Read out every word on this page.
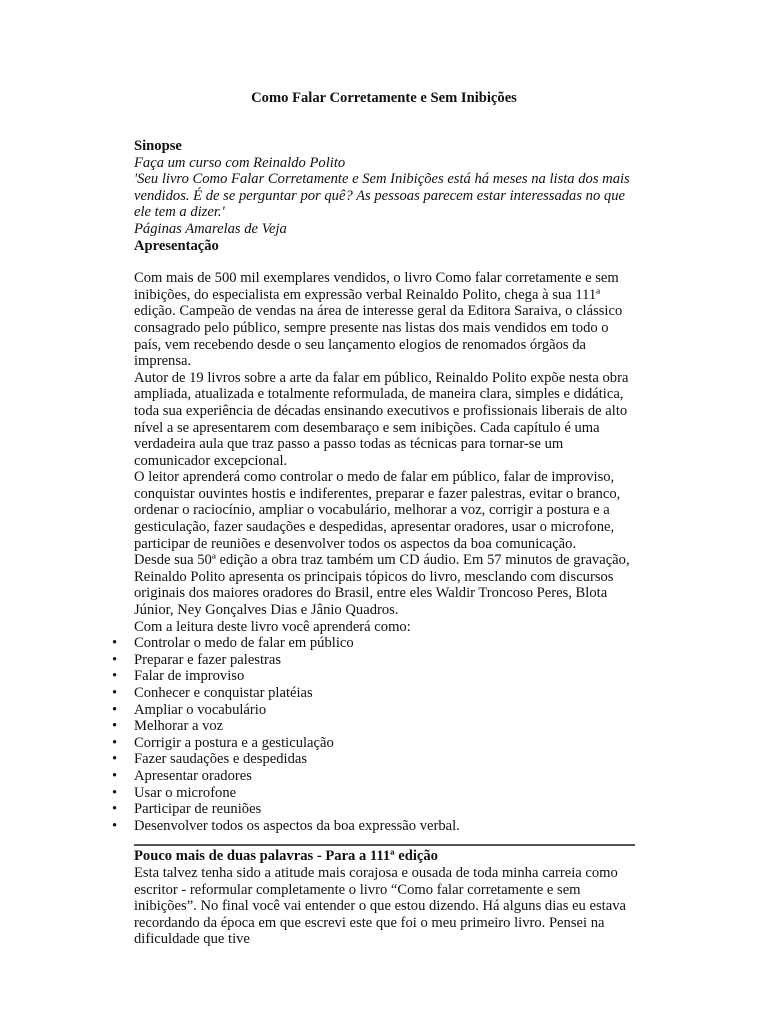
Como Falar Corretamente e Sem Inibições

Sinopse

Faça um curso com Reinaldo Polito

'Seu livro Como Falar Corretamente e Sem Inibições está há meses na lista dos mais vendidos. É de se perguntar por quê? As pessoas parecem estar interessadas no que ele tem a dizer.'

Páginas Amarelas de Veja

Apresentação

Com mais de 500 mil exemplares vendidos, o livro Como falar corretamente e sem inibições, do especialista em expressão verbal Reinaldo Polito, chega à sua 111ª edição. Campeão de vendas na área de interesse geral da Editora Saraiva, o clássico consagrado pelo público, sempre presente nas listas dos mais vendidos em todo o país, vem recebendo desde o seu lançamento elogios de renomados órgãos da imprensa.

Autor de 19 livros sobre a arte da falar em público, Reinaldo Polito expõe nesta obra ampliada, atualizada e totalmente reformulada, de maneira clara, simples e didática, toda sua experiência de décadas ensinando executivos e profissionais liberais de alto nível a se apresentarem com desembaraço e sem inibições. Cada capítulo é uma verdadeira aula que traz passo a passo todas as técnicas para tornar-se um comunicador excepcional.

O leitor aprenderá como controlar o medo de falar em público, falar de improviso, conquistar ouvintes hostis e indiferentes, preparar e fazer palestras, evitar o branco, ordenar o raciocínio, ampliar o vocabulário, melhorar a voz, corrigir a postura e a gesticulação, fazer saudações e despedidas, apresentar oradores, usar o microfone, participar de reuniões e desenvolver todos os aspectos da boa comunicação.

Desde sua 50ª edição a obra traz também um CD áudio. Em 57 minutos de gravação, Reinaldo Polito apresenta os principais tópicos do livro, mesclando com discursos originais dos maiores oradores do Brasil, entre eles Waldir Troncoso Peres, Blota Júnior, Ney Gonçalves Dias e Jânio Quadros.

Com a leitura deste livro você aprenderá como:

• Controlar o medo de falar em público
• Preparar e fazer palestras
• Falar de improviso
• Conhecer e conquistar platéias
• Ampliar o vocabulário
• Melhorar a voz
• Corrigir a postura e a gesticulação
• Fazer saudações e despedidas
• Apresentar oradores
• Usar o microfone
• Participar de reuniões
• Desenvolver todos os aspectos da boa expressão verbal.

Pouco mais de duas palavras - Para a 111ª edição

Esta talvez tenha sido a atitude mais corajosa e ousada de toda minha carreia como escritor - reformular completamente o livro “Como falar corretamente e sem inibições”. No final você vai entender o que estou dizendo. Há alguns dias eu estava recordando da época em que escrevi este que foi o meu primeiro livro. Pensei na dificuldade que tive
